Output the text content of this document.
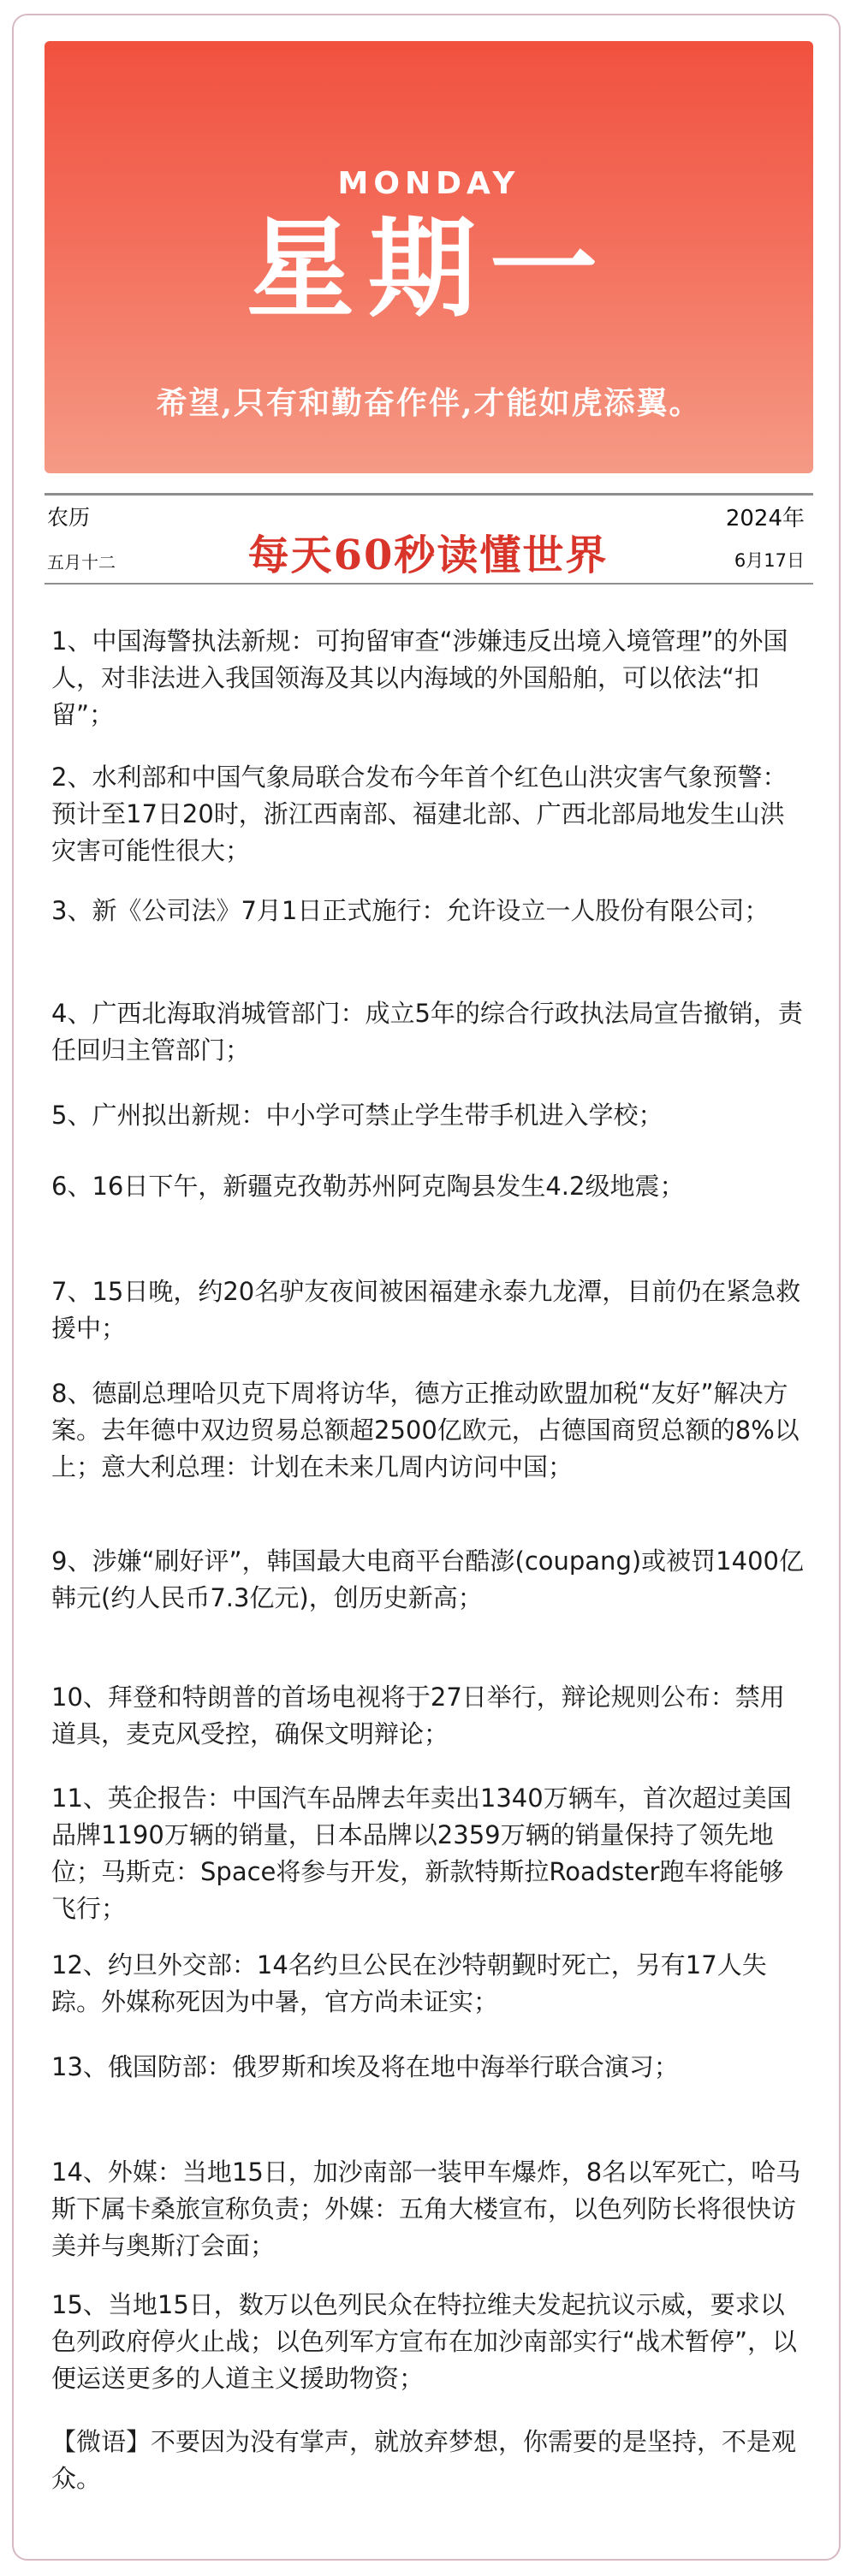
MONDAY
星期一
希望,只有和勤奋作伴,才能如虎添翼。
农历
五月十二	每天60秒读懂世界
2024年
6月17日
1、中国海警执法新规：可拘留审查“涉嫌违反出境入境管理”的外国人，对非法进入我国领海及其以内海域的外国船舶，可以依法“扣留”；
2、水利部和中国气象局联合发布今年首个红色山洪灾害气象预警：预计至17日20时，浙江西南部、福建北部、广西北部局地发生山洪灾害可能性很大；
3、新《公司法》7月1日正式施行：允许设立一人股份有限公司；
4、广西北海取消城管部门：成立5年的综合行政执法局宣告撤销，责任回归主管部门；
5、广州拟出新规：中小学可禁止学生带手机进入学校；
6、16日下午，新疆克孜勒苏州阿克陶县发生4.2级地震；
7、15日晚，约20名驴友夜间被困福建永泰九龙潭，目前仍在紧急救援中；
8、德副总理哈贝克下周将访华，德方正推动欧盟加税“友好”解决方案。去年德中双边贸易总额超2500亿欧元，占德国商贸总额的8%以上；意大利总理：计划在未来几周内访问中国；
9、涉嫌“刷好评”，韩国最大电商平台酷澎(coupang)或被罚1400亿韩元(约人民币7.3亿元)，创历史新高；
10、拜登和特朗普的首场电视将于27日举行，辩论规则公布：禁用道具，麦克风受控，确保文明辩论；
11、英企报告：中国汽车品牌去年卖出1340万辆车，首次超过美国品牌1190万辆的销量，日本品牌以2359万辆的销量保持了领先地位；马斯克：Space将参与开发，新款特斯拉Roadster跑车将能够飞行；
12、约旦外交部：14名约旦公民在沙特朝觐时死亡，另有17人失踪。外媒称死因为中暑，官方尚未证实；
13、俄国防部：俄罗斯和埃及将在地中海举行联合演习；
14、外媒：当地15日，加沙南部一装甲车爆炸，8名以军死亡，哈马斯下属卡桑旅宣称负责；外媒：五角大楼宣布，以色列防长将很快访美并与奥斯汀会面；
15、当地15日，数万以色列民众在特拉维夫发起抗议示威，要求以色列政府停火止战；以色列军方宣布在加沙南部实行“战术暂停”，以便运送更多的人道主义援助物资；
【微语】不要因为没有掌声，就放弃梦想，你需要的是坚持，不是观众。
